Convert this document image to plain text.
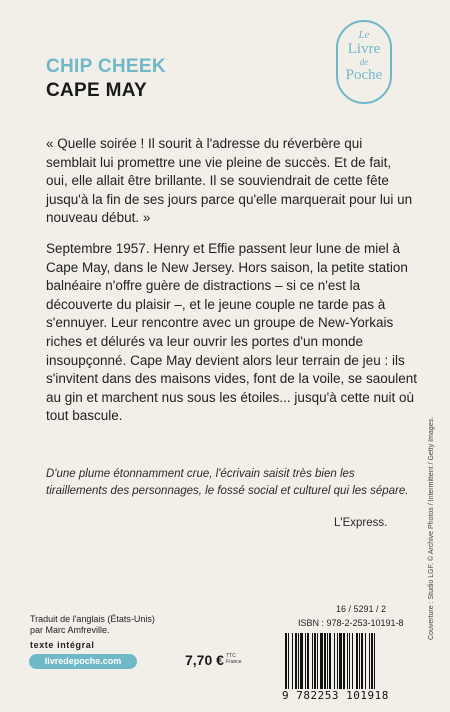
CHIP CHEEK
CAPE MAY
Le
Livre
de
Poche
« Quelle soirée ! Il sourit à l'adresse du réverbère qui semblait lui promettre une vie pleine de succès. Et de fait, oui, elle allait être brillante. Il se souviendrait de cette fête jusqu'à la fin de ses jours parce qu'elle marquerait pour lui un nouveau début. »
Septembre 1957. Henry et Effie passent leur lune de miel à Cape May, dans le New Jersey. Hors saison, la petite station balnéaire n'offre guère de distractions – si ce n'est la découverte du plaisir –, et le jeune couple ne tarde pas à s'ennuyer. Leur rencontre avec un groupe de New-Yorkais riches et délurés va leur ouvrir les portes d'un monde insoupçonné. Cape May devient alors leur terrain de jeu : ils s'invitent dans des maisons vides, font de la voile, se saoulent au gin et marchent nus sous les étoiles... jusqu'à cette nuit où tout bascule.
D'une plume étonnamment crue, l'écrivain saisit très bien les tiraillements des personnages, le fossé social et culturel qui les sépare.
L'Express.	Couverture : Studio LGF. © Archive Photos / Intermittent / Getty Images.
Traduit de l'anglais (États-Unis)
par Marc Amfreville.
texte intégral
livredepoche.com	7,70 € TTC
France
16 / 5291 / 2
ISBN : 978-2-253-10191-8
9 782253 101918
